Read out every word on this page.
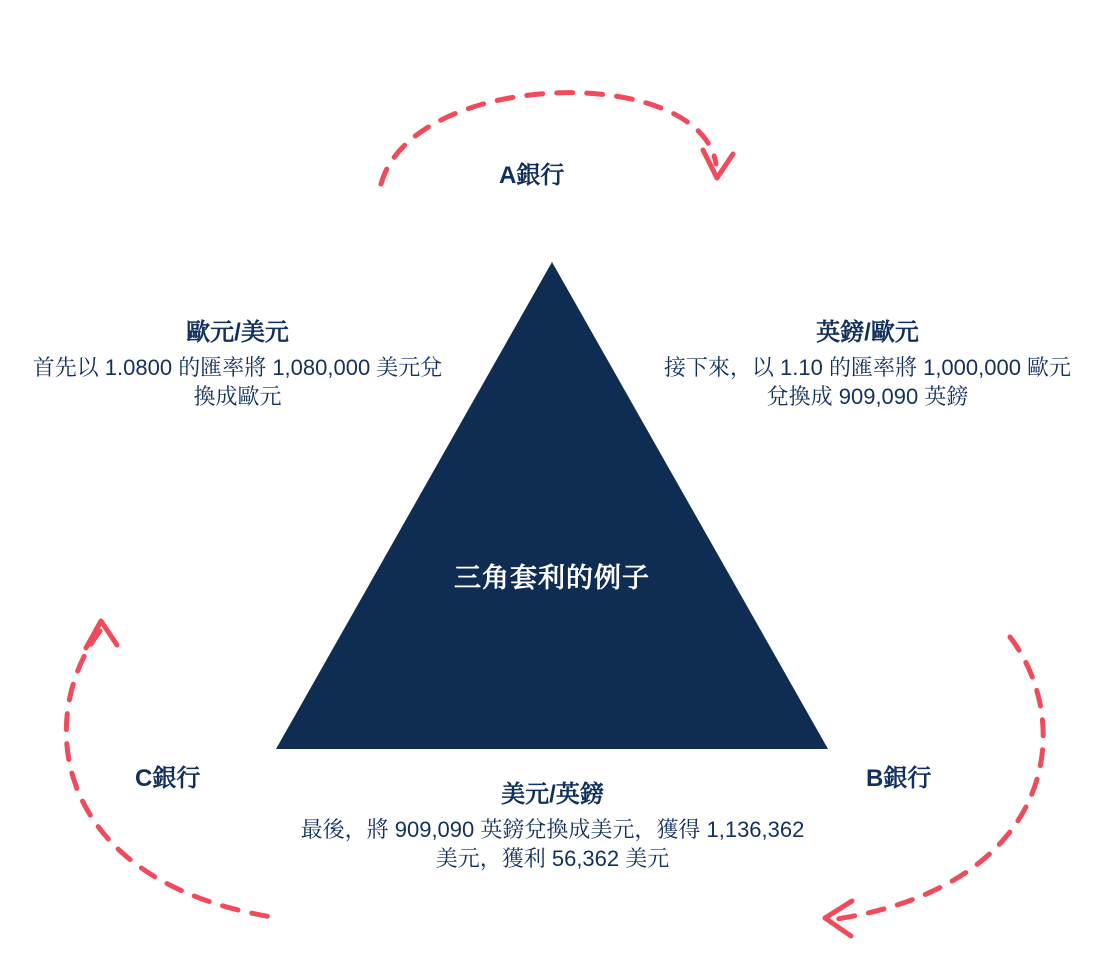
三角套利的例子
A銀行
B銀行
C銀行
歐元/美元
首先以 1.0800 的匯率將 1,080,000 美元兌換成歐元
英鎊/歐元
接下來，以 1.10 的匯率將 1,000,000 歐元兌換成 909,090 英鎊
美元/英鎊
最後，將 909,090 英鎊兌換成美元，獲得 1,136,362 美元，獲利 56,362 美元
